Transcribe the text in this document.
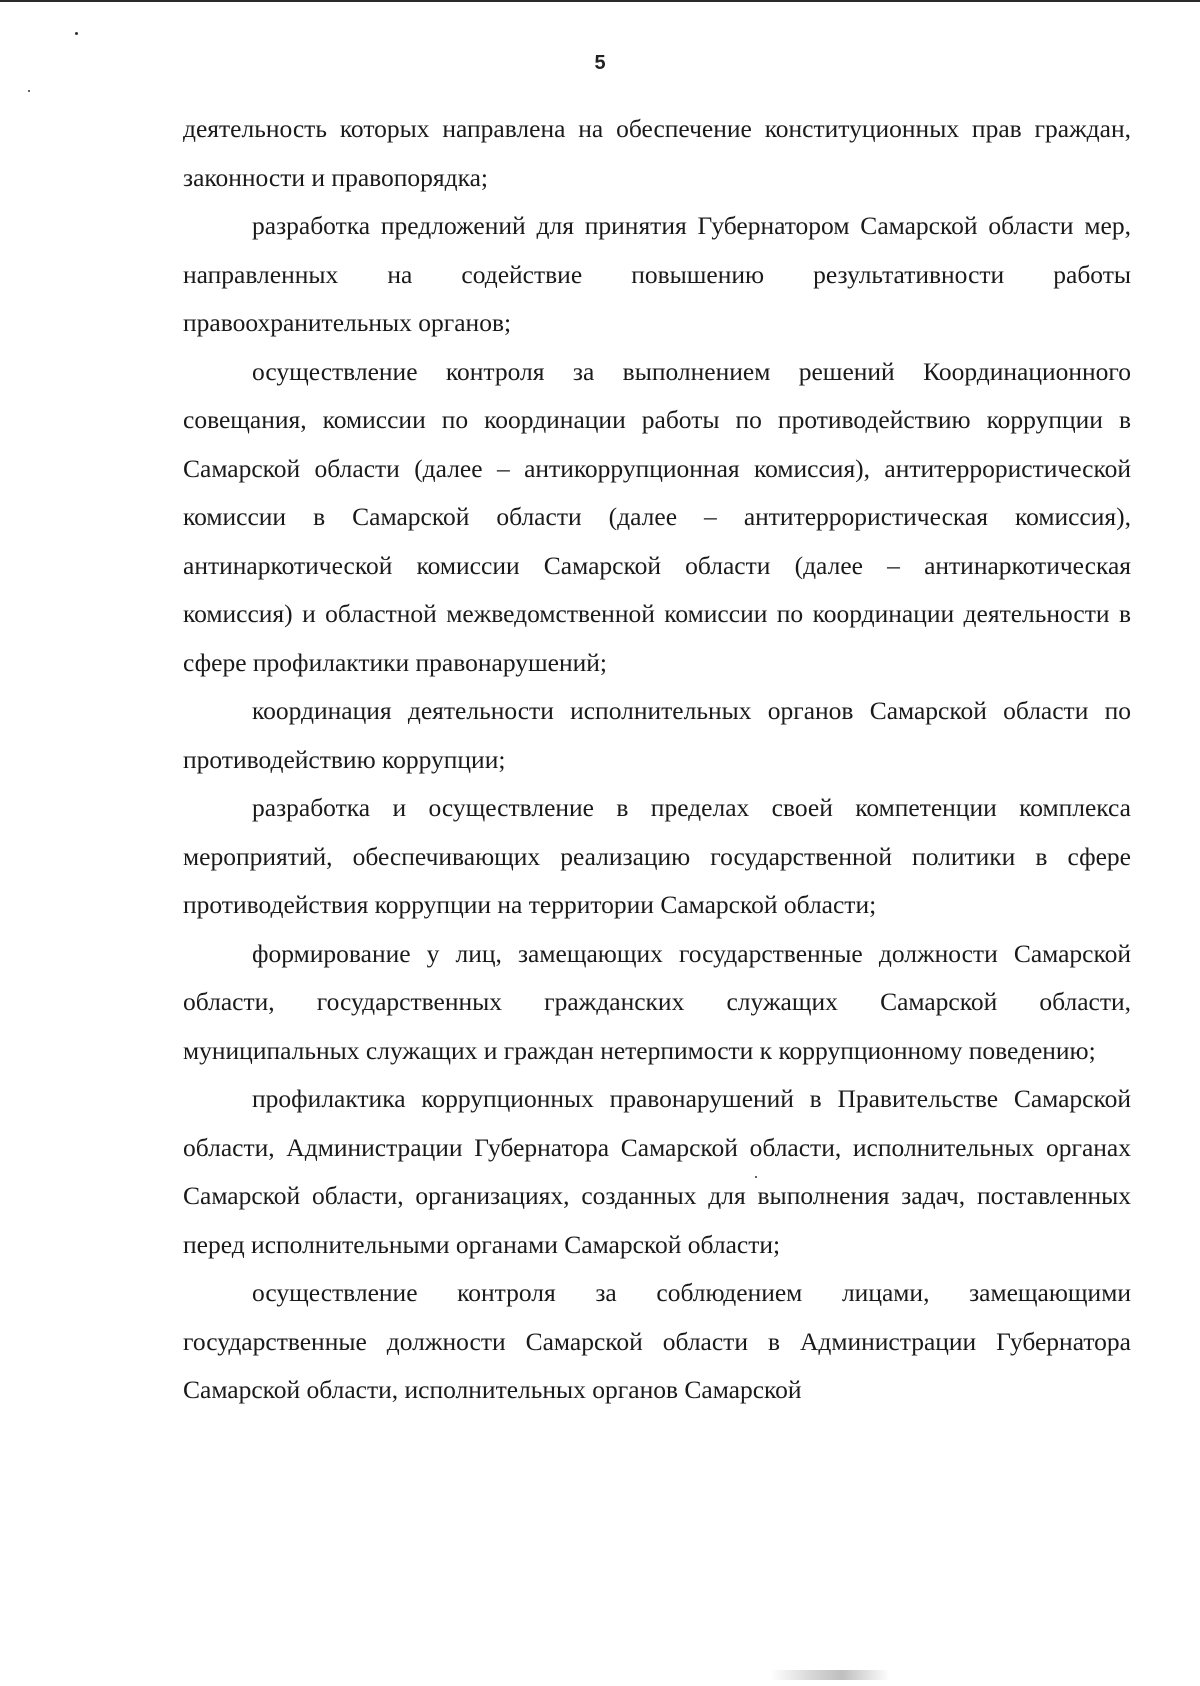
5

деятельность которых направлена на обеспечение конституционных прав граждан, законности и правопорядка;

разработка предложений для принятия Губернатором Самарской области мер, направленных на содействие повышению результативности работы правоохранительных органов;

осуществление контроля за выполнением решений Координационного совещания, комиссии по координации работы по противодействию коррупции в Самарской области (далее – антикоррупционная комиссия), антитеррористической комиссии в Самарской области (далее – антитеррористическая комиссия), антинаркотической комиссии Самарской области (далее – антинаркотическая комиссия) и областной межведомственной комиссии по координации деятельности в сфере профилактики правонарушений;

координация деятельности исполнительных органов Самарской области по противодействию коррупции;

разработка и осуществление в пределах своей компетенции комплекса мероприятий, обеспечивающих реализацию государственной политики в сфере противодействия коррупции на территории Самарской области;

формирование у лиц, замещающих государственные должности Самарской области, государственных гражданских служащих Самарской области, муниципальных служащих и граждан нетерпимости к коррупционному поведению;

профилактика коррупционных правонарушений в Правительстве Самарской области, Администрации Губернатора Самарской области, исполнительных органах Самарской области, организациях, созданных для выполнения задач, поставленных перед исполнительными органами Самарской области;

осуществление контроля за соблюдением лицами, замещающими государственные должности Самарской области в Администрации Губернатора Самарской области, исполнительных органов Самарской
